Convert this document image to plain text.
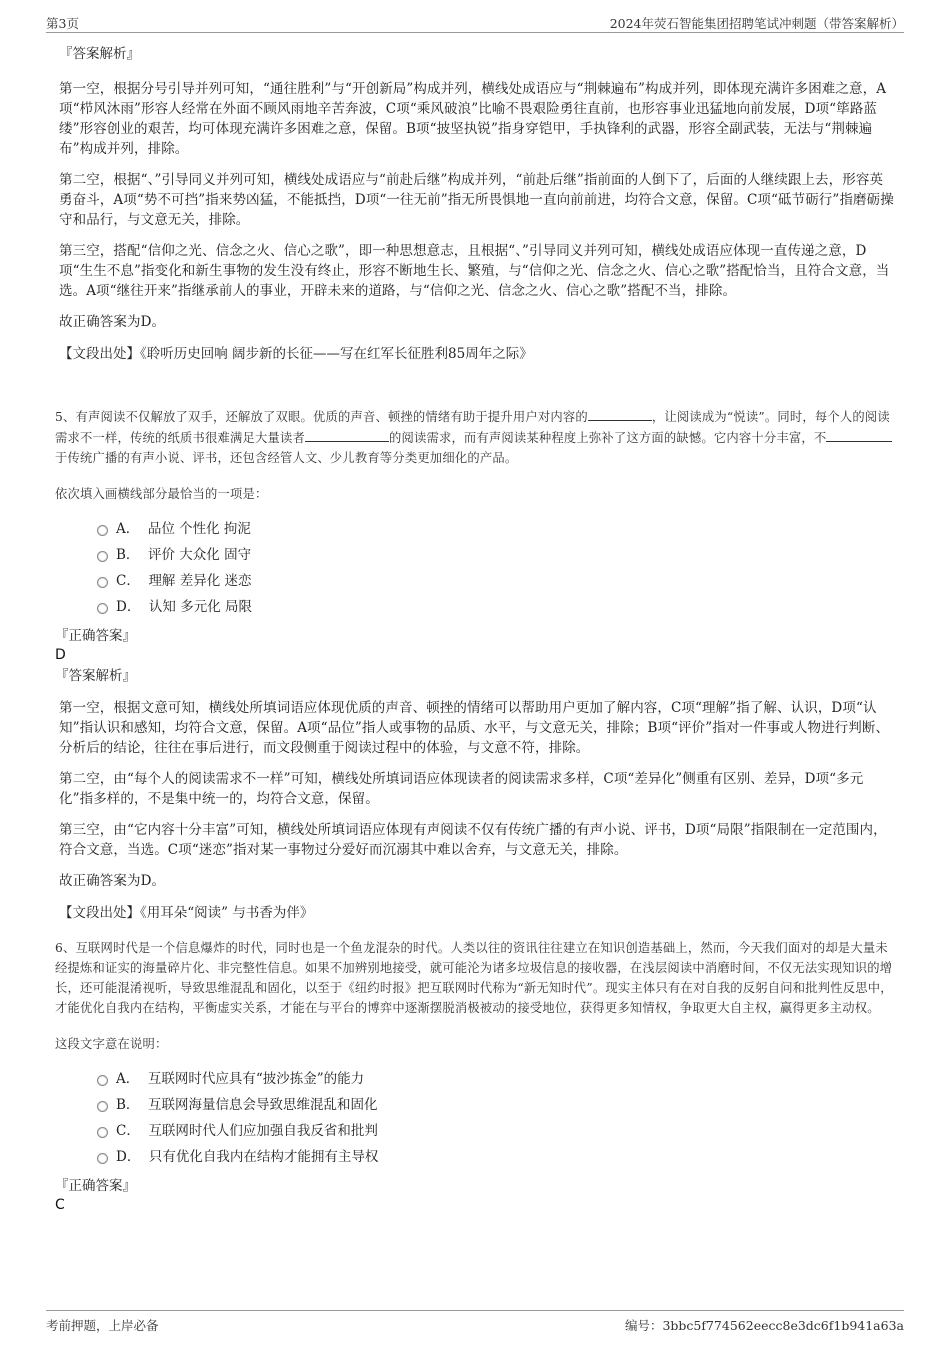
第3页	2024年荧石智能集团招聘笔试冲刺题（带答案解析）

『答案解析』

第一空，根据分号引导并列可知，“通往胜利”与“开创新局”构成并列，横线处成语应与“荆棘遍布”构成并列，即体现充满许多困难之意，A项“栉风沐雨”形容人经常在外面不顾风雨地辛苦奔波，C项“乘风破浪”比喻不畏艰险勇往直前，也形容事业迅猛地向前发展，D项“筚路蓝缕”形容创业的艰苦，均可体现充满许多困难之意，保留。B项“披坚执锐”指身穿铠甲，手执锋利的武器，形容全副武装，无法与“荆棘遍布”构成并列，排除。

第二空，根据“、”引导同义并列可知，横线处成语应与“前赴后继”构成并列，“前赴后继”指前面的人倒下了，后面的人继续跟上去，形容英勇奋斗，A项“势不可挡”指来势凶猛，不能抵挡，D项“一往无前”指无所畏惧地一直向前前进，均符合文意，保留。C项“砥节砺行”指磨砺操守和品行，与文意无关，排除。

第三空，搭配“信仰之光、信念之火、信心之歌”，即一种思想意志，且根据“、”引导同义并列可知，横线处成语应体现一直传递之意，D项“生生不息”指变化和新生事物的发生没有终止，形容不断地生长、繁殖，与“信仰之光、信念之火、信心之歌”搭配恰当，且符合文意，当选。A项“继往开来”指继承前人的事业，开辟未来的道路，与“信仰之光、信念之火、信心之歌”搭配不当，排除。

故正确答案为D。

【文段出处】《聆听历史回响 阔步新的长征——写在红军长征胜利85周年之际》

5、有声阅读不仅解放了双手，还解放了双眼。优质的声音、顿挫的情绪有助于提升用户对内容的	，让阅读成为“悦读”。同时，每个人的阅读需求不一样，传统的纸质书很难满足大量读者	的阅读需求，而有声阅读某种程度上弥补了这方面的缺憾。它内容十分丰富，不于传统广播的有声小说、评书，还包含经管人文、少儿教育等分类更加细化的产品。

依次填入画横线部分最恰当的一项是：

A． 品位 个性化 拘泥
B． 评价 大众化 固守
C． 理解 差异化 迷恋
D． 认知 多元化 局限

『正确答案』

D

『答案解析』

第一空，根据文意可知，横线处所填词语应体现优质的声音、顿挫的情绪可以帮助用户更加了解内容，C项“理解”指了解、认识，D项“认知”指认识和感知，均符合文意，保留。A项“品位”指人或事物的品质、水平，与文意无关，排除；B项“评价”指对一件事或人物进行判断、分析后的结论，往往在事后进行，而文段侧重于阅读过程中的体验，与文意不符，排除。

第二空，由“每个人的阅读需求不一样”可知，横线处所填词语应体现读者的阅读需求多样，C项“差异化”侧重有区别、差异，D项“多元化”指多样的，不是集中统一的，均符合文意，保留。

第三空，由“它内容十分丰富”可知，横线处所填词语应体现有声阅读不仅有传统广播的有声小说、评书，D项“局限”指限制在一定范围内，符合文意，当选。C项“迷恋”指对某一事物过分爱好而沉溺其中难以舍弃，与文意无关，排除。

故正确答案为D。

【文段出处】《用耳朵“阅读” 与书香为伴》

6、互联网时代是一个信息爆炸的时代，同时也是一个鱼龙混杂的时代。人类以往的资讯往往建立在知识创造基础上，然而，今天我们面对的却是大量未经提炼和证实的海量碎片化、非完整性信息。如果不加辨别地接受，就可能沦为诸多垃圾信息的接收器，在浅层阅读中消磨时间，不仅无法实现知识的增长，还可能混淆视听，导致思维混乱和固化，以至于《纽约时报》把互联网时代称为“新无知时代”。现实主体只有在对自我的反躬自问和批判性反思中，才能优化自我内在结构，平衡虚实关系，才能在与平台的博弈中逐渐摆脱消极被动的接受地位，获得更多知情权，争取更大自主权，赢得更多主动权。

这段文字意在说明：

A． 互联网时代应具有“披沙拣金”的能力
B． 互联网海量信息会导致思维混乱和固化
C． 互联网时代人们应加强自我反省和批判
D． 只有优化自我内在结构才能拥有主导权

『正确答案』

C

考前押题，上岸必备	编号：3bbc5f774562eecc8e3dc6f1b941a63a
